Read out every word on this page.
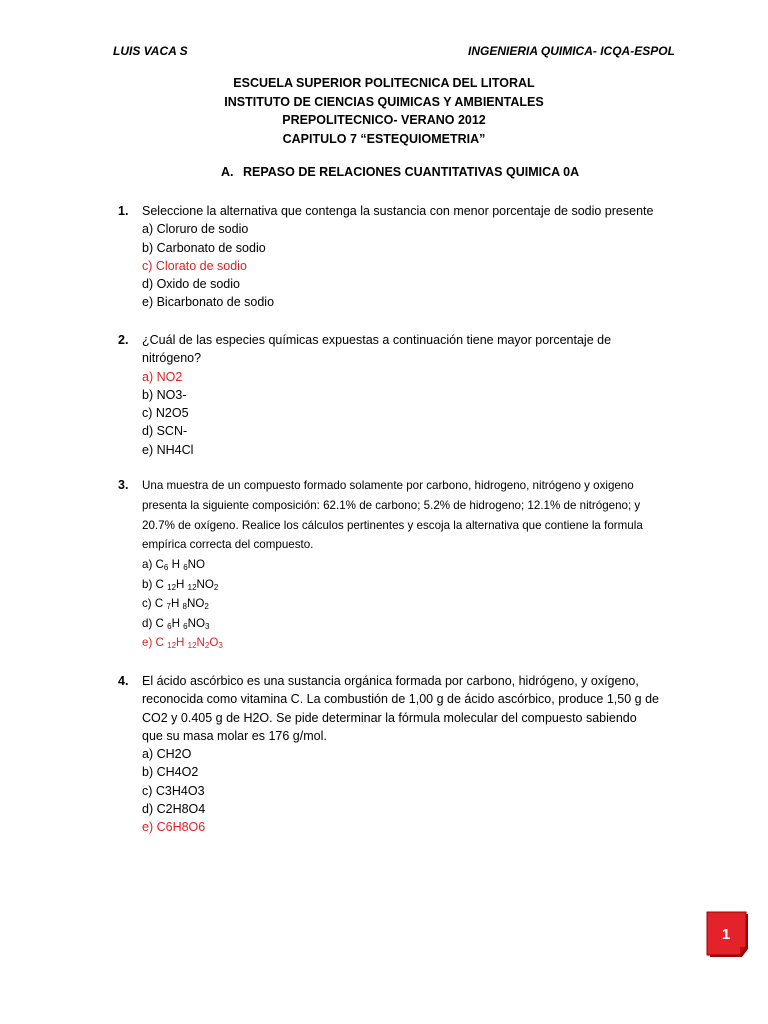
LUIS VACA S	INGENIERIA QUIMICA- ICQA-ESPOL
ESCUELA SUPERIOR POLITECNICA DEL LITORAL
INSTITUTO DE CIENCIAS QUIMICAS Y AMBIENTALES
PREPOLITECNICO- VERANO 2012
CAPITULO 7 “ESTEQUIOMETRIA”
A. REPASO DE RELACIONES CUANTITATIVAS QUIMICA 0A
1. Seleccione la alternativa que contenga la sustancia con menor porcentaje de sodio presente
a) Cloruro de sodio
b) Carbonato de sodio
c) Clorato de sodio
d) Oxido de sodio
e) Bicarbonato de sodio
2. ¿Cuál de las especies químicas expuestas a continuación tiene mayor porcentaje de
nitrógeno?
a) NO2
b) NO3-
c) N2O5
d) SCN-
e) NH4Cl
3. Una muestra de un compuesto formado solamente por carbono, hidrogeno, nitrógeno y oxigeno
presenta la siguiente composición: 62.1% de carbono; 5.2% de hidrogeno; 12.1% de nitrógeno; y
20.7% de oxígeno. Realice los cálculos pertinentes y escoja la alternativa que contiene la formula
empírica correcta del compuesto.
a) $C_6$ H $_6$NO
b) C $_{12}$H $_{12}NO_2$
c) C $_7$H $_8NO_2$
d) C $_6$H $_6NO_3$
e) C $_{12}$H $_{12}N_2O_3$
4. El ácido ascórbico es una sustancia orgánica formada por carbono, hidrógeno, y oxígeno,
reconocida como vitamina C. La combustión de 1,00 g de ácido ascórbico, produce 1,50 g de
CO2 y 0.405 g de H2O. Se pide determinar la fórmula molecular del compuesto sabiendo
que su masa molar es 176 g/mol.
a) CH2O
b) CH4O2
c) C3H4O3
d) C2H8O4
e) C6H8O6
1
